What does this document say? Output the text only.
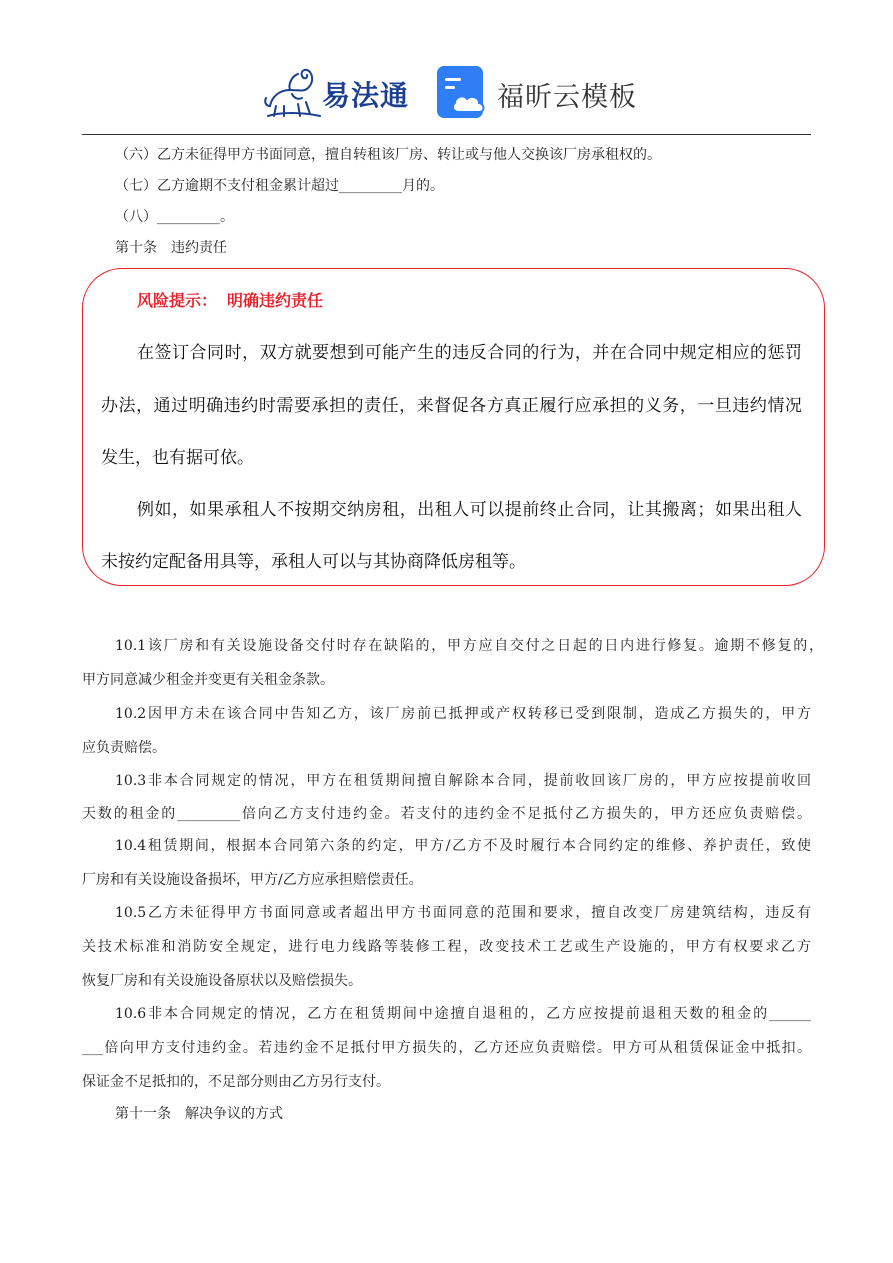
易法通	福昕云模板
（六）乙方未征得甲方书面同意，擅自转租该厂房、转让或与他人交换该厂房承租权的。
（七）乙方逾期不支付租金累计超过_________月的。
（八）_________。
第十条　违约责任
风险提示： 明确违约责任
在签订合同时，双方就要想到可能产生的违反合同的行为，并在合同中规定相应的惩罚
办法，通过明确违约时需要承担的责任，来督促各方真正履行应承担的义务，一旦违约情况
发生，也有据可依。
例如，如果承租人不按期交纳房租，出租人可以提前终止合同，让其搬离；如果出租人
未按约定配备用具等，承租人可以与其协商降低房租等。
10.1该厂房和有关设施设备交付时存在缺陷的，甲方应自交付之日起的日内进行修复。逾期不修复的，
甲方同意减少租金并变更有关租金条款。
10.2因甲方未在该合同中告知乙方，该厂房前已抵押或产权转移已受到限制，造成乙方损失的，甲方
应负责赔偿。
10.3非本合同规定的情况，甲方在租赁期间擅自解除本合同，提前收回该厂房的，甲方应按提前收回
天数的租金的_________倍向乙方支付违约金。若支付的违约金不足抵付乙方损失的，甲方还应负责赔偿。
10.4租赁期间，根据本合同第六条的约定，甲方/乙方不及时履行本合同约定的维修、养护责任，致使
厂房和有关设施设备损坏，甲方/乙方应承担赔偿责任。
10.5乙方未征得甲方书面同意或者超出甲方书面同意的范围和要求，擅自改变厂房建筑结构，违反有
关技术标准和消防安全规定，进行电力线路等装修工程，改变技术工艺或生产设施的，甲方有权要求乙方
恢复厂房和有关设施设备原状以及赔偿损失。
10.6非本合同规定的情况，乙方在租赁期间中途擅自退租的，乙方应按提前退租天数的租金的______
___倍向甲方支付违约金。若违约金不足抵付甲方损失的，乙方还应负责赔偿。甲方可从租赁保证金中抵扣。
保证金不足抵扣的，不足部分则由乙方另行支付。
第十一条　解决争议的方式
